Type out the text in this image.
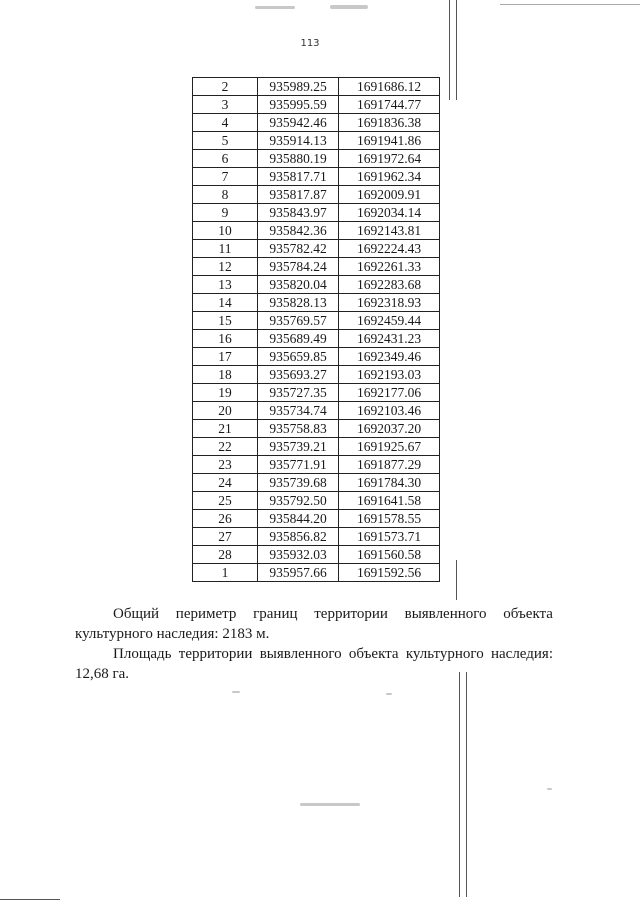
113
2	935989.25	1691686.12
3	935995.59	1691744.77
4	935942.46	1691836.38
5	935914.13	1691941.86
6	935880.19	1691972.64
7	935817.71	1691962.34
8	935817.87	1692009.91
9	935843.97	1692034.14
10	935842.36	1692143.81
11	935782.42	1692224.43
12	935784.24	1692261.33
13	935820.04	1692283.68
14	935828.13	1692318.93
15	935769.57	1692459.44
16	935689.49	1692431.23
17	935659.85	1692349.46
18	935693.27	1692193.03
19	935727.35	1692177.06
20	935734.74	1692103.46
21	935758.83	1692037.20
22	935739.21	1691925.67
23	935771.91	1691877.29
24	935739.68	1691784.30
25	935792.50	1691641.58
26	935844.20	1691578.55
27	935856.82	1691573.71
28	935932.03	1691560.58
1	935957.66	1691592.56
Общий периметр границ территории выявленного объекта
культурного наследия: 2183 м.
Площадь территории выявленного объекта культурного наследия: 12,68 га.
